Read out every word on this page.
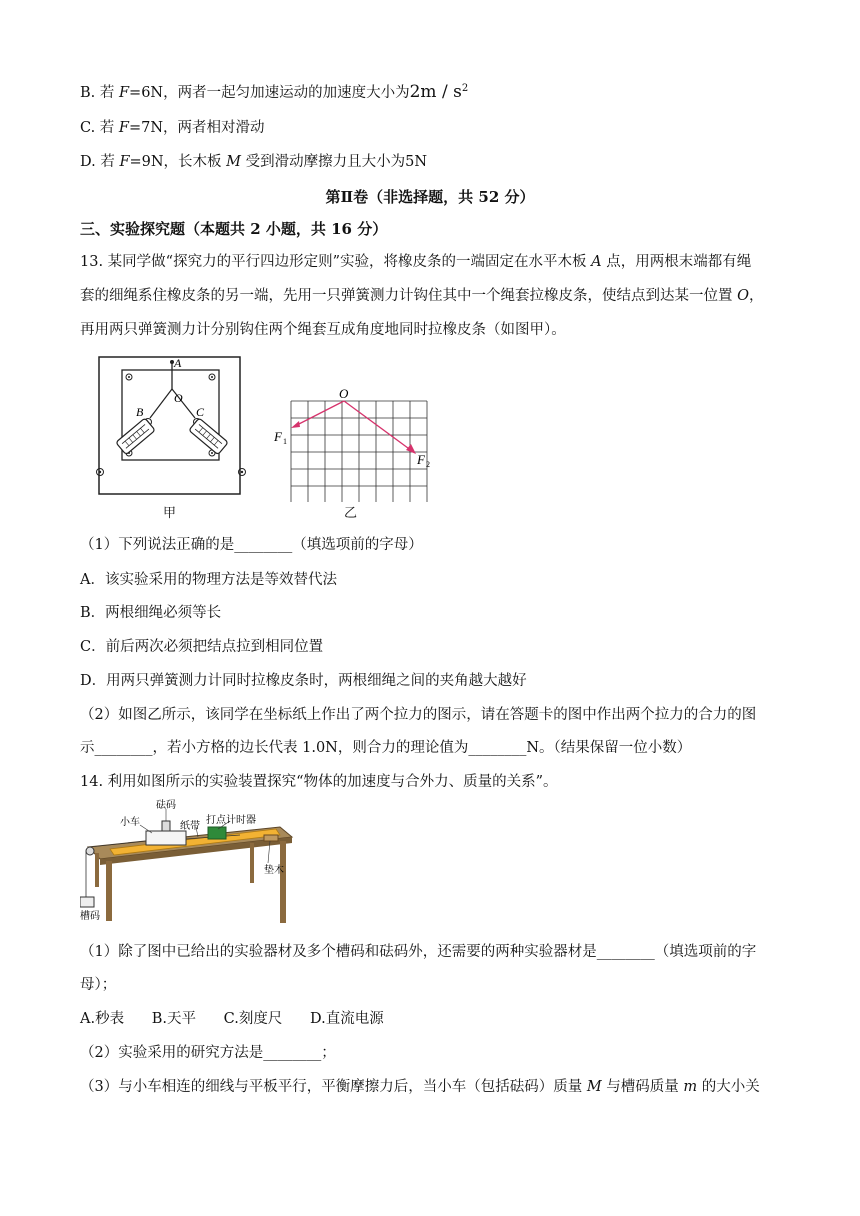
B. 若 F=6N，两者一起匀加速运动的加速度大小为$2m / s^2$
C. 若 F=7N，两者相对滑动
D. 若 F=9N，长木板 M 受到滑动摩擦力且大小为5N
第Ⅱ卷（非选择题，共 52 分）
三、实验探究题（本题共 2 小题，共 16 分）
13. 某同学做“探究力的平行四边形定则”实验，将橡皮条的一端固定在水平木板 A 点，用两根末端都有绳
套的细绳系住橡皮条的另一端，先用一只弹簧测力计钩住其中一个绳套拉橡皮条，使结点到达某一位置 O，
再用两只弹簧测力计分别钩住两个绳套互成角度地同时拉橡皮条（如图甲）。
A
O
B	C
甲
O
F 1
F 2
乙
（1）下列说法正确的是________（填选项前的字母）
A．该实验采用的物理方法是等效替代法
B．两根细绳必须等长
C．前后两次必须把结点拉到相同位置
D．用两只弹簧测力计同时拉橡皮条时，两根细绳之间的夹角越大越好
（2）如图乙所示，该同学在坐标纸上作出了两个拉力的图示，请在答题卡的图中作出两个拉力的合力的图
示________，若小方格的边长代表 1.0N，则合力的理论值为________N。（结果保留一位小数）
14. 利用如图所示的实验装置探究“物体的加速度与合外力、质量的关系”。
砝码
小车	纸带
打点计时器
垫木
槽码
（1）除了图中已给出的实验器材及多个槽码和砝码外，还需要的两种实验器材是________（填选项前的字
母）；
A.秒表      B.天平      C.刻度尺      D.直流电源
（2）实验采用的研究方法是________；
（3）与小车相连的细线与平板平行，平衡摩擦力后，当小车（包括砝码）质量 M 与槽码质量 m 的大小关
